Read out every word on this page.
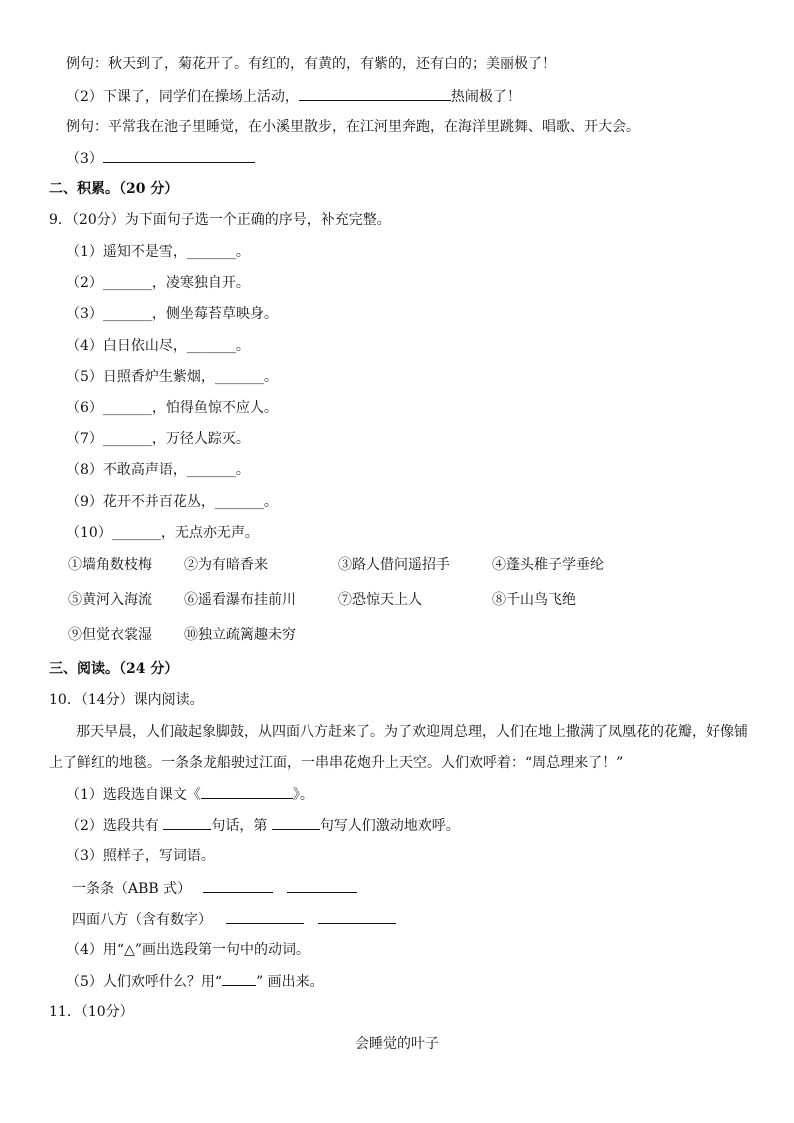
例句：秋天到了，菊花开了。有红的，有黄的，有紫的，还有白的；美丽极了！
（2）下课了，同学们在操场上活动，	热闹极了！
例句：平常我在池子里睡觉，在小溪里散步，在江河里奔跑，在海洋里跳舞、唱歌、开大会。
（3）
二、积累。（20 分）
9．（20分）为下面句子选一个正确的序号，补充完整。
（1）遥知不是雪，_______。
（2）_______，凌寒独自开。
（3）_______，侧坐莓苔草映身。
（4）白日依山尽，_______。
（5）日照香炉生紫烟，_______。
（6）_______，怕得鱼惊不应人。
（7）_______，万径人踪灭。
（8）不敢高声语，_______。
（9）花开不并百花丛，_______。
（10）_______，无点亦无声。
①墙角数枝梅 ②为有暗香来	③路人借问遥招手	④蓬头稚子学垂纶
⑤黄河入海流 ⑥遥看瀑布挂前川	⑦恐惊天上人	⑧千山鸟飞绝
⑨但觉衣裳湿 ⑩独立疏篱趣未穷
三、阅读。（24 分）
10．（14分）课内阅读。
那天早晨，人们敲起象脚鼓，从四面八方赶来了。为了欢迎周总理，人们在地上撒满了凤凰花的花瓣，好像铺
上了鲜红的地毯。一条条龙船驶过江面，一串串花炮升上天空。人们欢呼着：“周总理来了！”
（1）选段选自课文《	》。
（2）选段共有	句话，第	句写人们激动地欢呼。
（3）照样子，写词语。
一条条（ABB 式）
四面八方（含有数字）
（4）用“△”画出选段第一句中的动词。
（5）人们欢呼什么？用“ ” 画出来。
11．（10分）
会睡觉的叶子
